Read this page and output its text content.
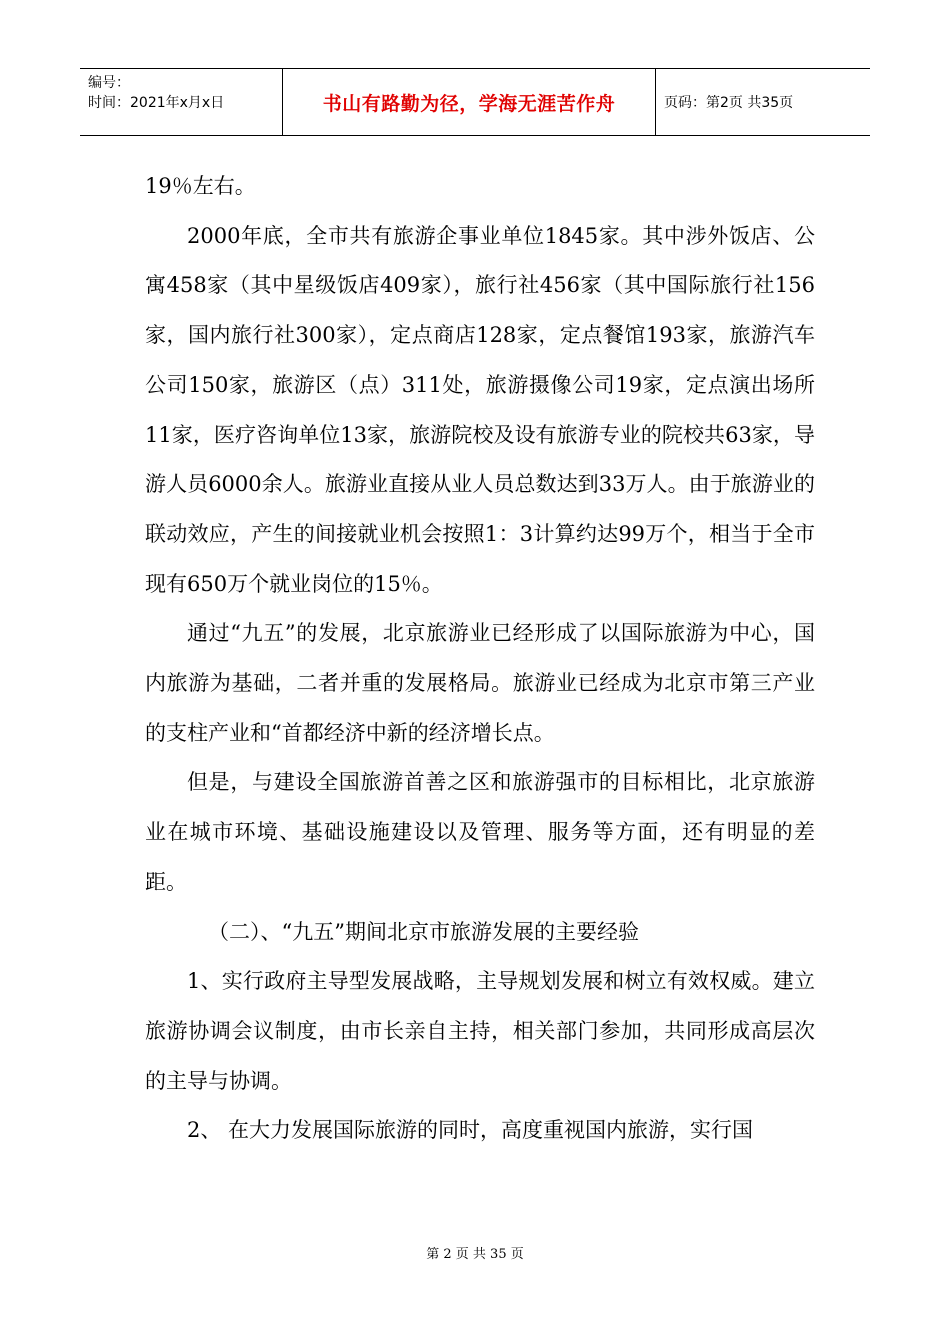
编号：
时间：2021年x月x日	书山有路勤为径，学海无涯苦作舟	页码：第2页 共35页

19％左右。

2000年底，全市共有旅游企事业单位1845家。其中涉外饭店、公寓458家（其中星级饭店409家），旅行社456家（其中国际旅行社156家，国内旅行社300家），定点商店128家，定点餐馆193家，旅游汽车公司150家，旅游区（点）311处，旅游摄像公司19家，定点演出场所11家，医疗咨询单位13家，旅游院校及设有旅游专业的院校共63家，导游人员6000余人。旅游业直接从业人员总数达到33万人。由于旅游业的联动效应，产生的间接就业机会按照1：3计算约达99万个，相当于全市现有650万个就业岗位的15％。

通过“九五”的发展，北京旅游业已经形成了以国际旅游为中心，国内旅游为基础，二者并重的发展格局。旅游业已经成为北京市第三产业的支柱产业和“首都经济中新的经济增长点。

但是，与建设全国旅游首善之区和旅游强市的目标相比，北京旅游业在城市环境、基础设施建设以及管理、服务等方面，还有明显的差距。

（二）、“九五”期间北京市旅游发展的主要经验

1、实行政府主导型发展战略，主导规划发展和树立有效权威。建立旅游协调会议制度，由市长亲自主持，相关部门参加，共同形成高层次的主导与协调。

2、 在大力发展国际旅游的同时，高度重视国内旅游，实行国

第 2 页 共 35 页
